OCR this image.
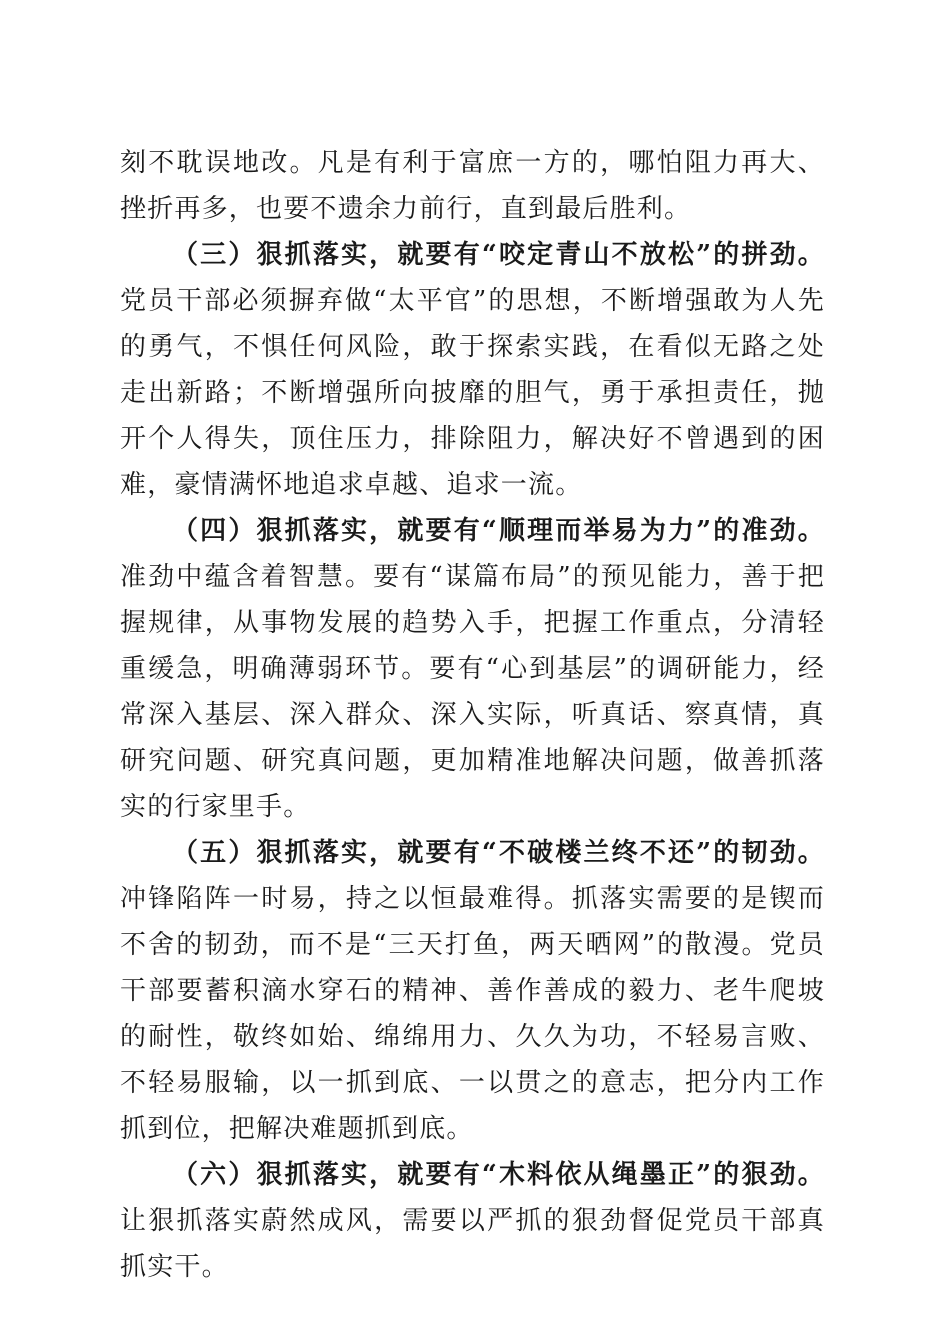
刻不耽误地改。凡是有利于富庶一方的，哪怕阻力再大、挫折再多，也要不遗余力前行，直到最后胜利。

（三）狠抓落实，就要有“咬定青山不放松”的拼劲。党员干部必须摒弃做“太平官”的思想，不断增强敢为人先的勇气，不惧任何风险，敢于探索实践，在看似无路之处走出新路；不断增强所向披靡的胆气，勇于承担责任，抛开个人得失，顶住压力，排除阻力，解决好不曾遇到的困难，豪情满怀地追求卓越、追求一流。

（四）狠抓落实，就要有“顺理而举易为力”的准劲。准劲中蕴含着智慧。要有“谋篇布局”的预见能力，善于把握规律，从事物发展的趋势入手，把握工作重点，分清轻重缓急，明确薄弱环节。要有“心到基层”的调研能力，经常深入基层、深入群众、深入实际，听真话、察真情，真研究问题、研究真问题，更加精准地解决问题，做善抓落实的行家里手。

（五）狠抓落实，就要有“不破楼兰终不还”的韧劲。冲锋陷阵一时易，持之以恒最难得。抓落实需要的是锲而不舍的韧劲，而不是“三天打鱼，两天晒网”的散漫。党员干部要蓄积滴水穿石的精神、善作善成的毅力、老牛爬坡的耐性，敬终如始、绵绵用力、久久为功，不轻易言败、不轻易服输，以一抓到底、一以贯之的意志，把分内工作抓到位，把解决难题抓到底。

（六）狠抓落实，就要有“木料依从绳墨正”的狠劲。让狠抓落实蔚然成风，需要以严抓的狠劲督促党员干部真抓实干。
